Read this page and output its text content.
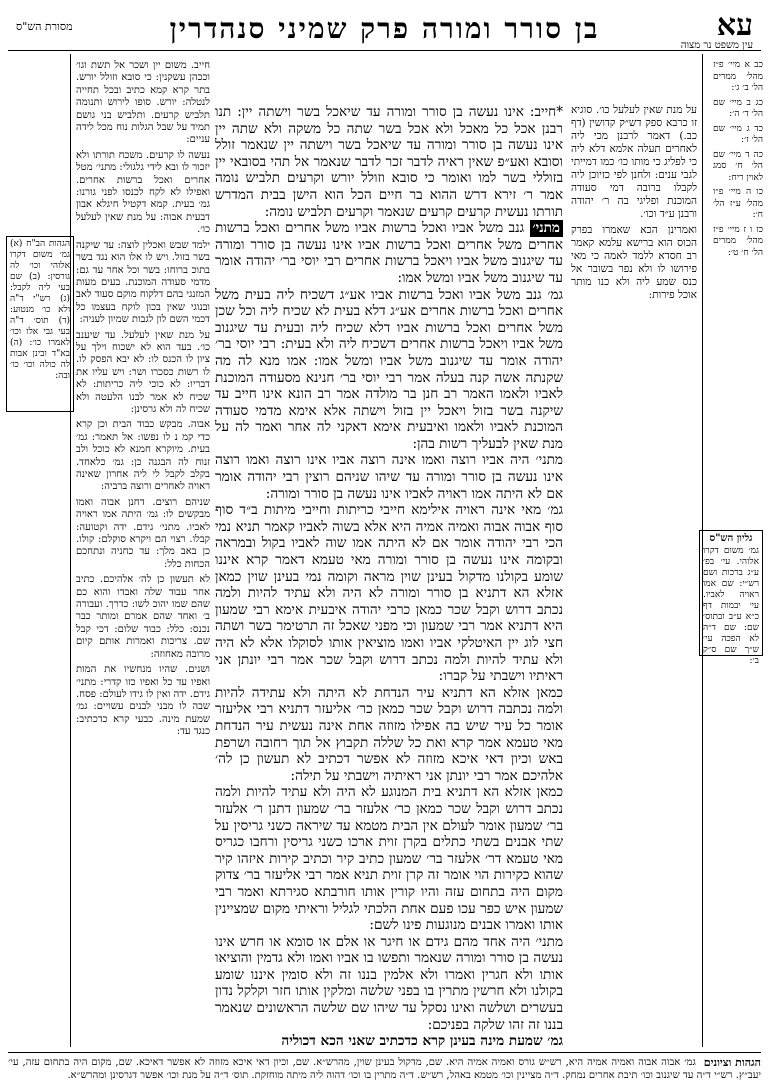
עא
בן סורר ומורה פרק שמיני סנהדרין
מסורת הש"ס
עין משפט נר מצוה

כב א מיי׳ פ״ז מהל׳ ממרים הל׳ ב׳ ג׳:

כג ב מיי׳ שם הל׳ ד׳ ה׳:

כד ג מיי׳ שם הל׳ ז׳:

כה ד מיי׳ שם הל׳ ח׳ סמג לאוין ריח:

כו ה מיי׳ פ״ו מהל׳ ע״ז הל׳ ח׳:

כז ו ז מיי׳ פ״ז מהל׳ ממרים הל׳ ח׳ ט׳:

גליון הש"ס
גמ׳ משום דקרו אלוהי. עי׳ בפ׳ ע״ג ברכות ושם רש״י: שם אמו ראויה לאביו. עי׳ יבמות דף כ״א ע״ב ובתוס׳ שם: שם ד״ה לא הפכה עי׳ ש״ך שם ס״ק ב׳:

על מנת שאין לעלעל כו׳. סוגיא זו כרבא ספק דש״ק קדושין (דף כב.) דאמר לרבנן מכי ליה לאחרים תעלה אלמא דלא ליה כי לפליג כי מותו כו׳ כמו דמייתי לגבי ענים: ולחנן לפי כזיוכן ליה לקבלו ברובה דמי סעודה המוכנת ופליגי בה ר׳ יהודה ורבנן ע״ד וכו׳.

ואמרינן הכא שאמרו בפרק הכוס הוא ברישא עלמא קאמר רב חסדא ללמד לאמה כי מאי פירושו לו ולא נפר בשובר אל כנס שמע ליה ולא כנו מותר אוכל פירות:

*חייב: אינו נעשה בן סורר ומורה עד שיאכל בשר וישתה יין: תנו רבנן אכל כל מאכל ולא אכל בשר שתה כל משקה ולא שתה יין אינו נעשה בן סורר ומורה עד שיאכל בשר וישתה יין שנאמר זולל וסובא ואע״פ שאין ראיה לדבר זכר לדבר שנאמר אל תהי בסובאי יין בזוללי בשר למו ואומר כי סובא וזולל יורש וקרעים תלביש נומה אמר ר׳ זירא דרש ההוא בר חיים הכל הוא הישן בבית המדרש תורתו נעשית קרעים קרעים שנאמר וקרעים תלביש נומה:

מתני׳ גנב משל אביו ואכל ברשות אביו משל אחרים ואכל ברשות אחרים משל אחרים ואכל ברשות אביו אינו נעשה בן סורר ומורה עד שיגנוב משל אביו ויאכל ברשות אחרים רבי יוסי בר׳ יהודה אומר עד שיגנוב משל אביו ומשל אמו:

גמ׳ גנב משל אביו ואכל ברשות אביו אע״ג דשכיח ליה בעית משל אחרים ואכל ברשות אחרים אע״ג דלא בעית לא שכיח ליה וכל שכן משל אחרים ואכל ברשות אביו דלא שכיח ליה ובעית עד שיגנוב משל אביו ויאכל ברשות אחרים דשכיח ליה ולא בעית: רבי יוסי בר׳ יהודה אומר עד שיגנוב משל אביו ומשל אמו: אמו מנא לה מה שקנתה אשה קנה בעלה אמר רבי יוסי בר׳ חנינא מסעודה המוכנת לאביו ולאמו האמר רב חנן בר מולדה אמר רב הונא אינו חייב עד שיקנה בשר בזול ויאכל יין בזול וישתה אלא אימא מדמי סעודה המוכנת לאביו ולאמו ואיבעית אימא דאקני לה אחר ואמר לה על מנת שאין לבעליך רשות בהן:

מתני׳ היה אביו רוצה ואמו אינה רוצה אביו אינו רוצה ואמו רוצה אינו נעשה בן סורר ומורה עד שיהו שניהם רוצין רבי יהודה אומר אם לא היתה אמו ראויה לאביו אינו נעשה בן סורר ומורה:

גמ׳ מאי אינה ראויה אילימא חייבי כריתות וחייבי מיתות ב״ד סוף סוף אבוה אבוה ואמיה אמיה היא אלא בשוה לאביו קאמר תניא נמי הכי רבי יהודה אומר אם לא היתה אמו שוה לאביו בקול ובמראה ובקומה אינו נעשה בן סורר ומורה מאי טעמא דאמר קרא איננו שומע בקולנו מדקול בעינן שוין מראה וקומה נמי בעינן שוין כמאן אזלא הא דתניא בן סורר ומורה לא היה ולא עתיד להיות ולמה נכתב דרוש וקבל שכר כמאן כרבי יהודה איבעית אימא רבי שמעון היא דתניא אמר רבי שמעון וכי מפני שאכל זה תרטימר בשר ושתה חצי לוג יין האיטלקי אביו ואמו מוציאין אותו לסוקלו אלא לא היה ולא עתיד להיות ולמה נכתב דרוש וקבל שכר אמר רבי יונתן אני ראיתיו וישבתי על קברו:

כמאן אזלא הא דתניא עיר הנדחת לא היתה ולא עתידה להיות ולמה נכתבה דרוש וקבל שכר כמאן כר׳ אליעזר דתניא רבי אליעזר אומר כל עיר שיש בה אפילו מזוזה אחת אינה נעשית עיר הנדחת מאי טעמא אמר קרא ואת כל שללה תקבוץ אל תוך רחובה ושרפת באש וכיון דאי איכא מזוזה לא אפשר דכתיב לא תעשון כן לה׳ אלהיכם אמר רבי יונתן אני ראיתיה וישבתי על תילה:

כמאן אזלא הא דתניא בית המנוגע לא היה ולא עתיד להיות ולמה נכתב דרוש וקבל שכר כמאן כר׳ אלעזר בר׳ שמעון דתנן ר׳ אלעזר בר׳ שמעון אומר לעולם אין הבית מטמא עד שיראה כשני גריסין על שתי אבנים בשתי כתלים בקרן זוית ארכו כשני גריסין ורחבו כגריס מאי טעמא דר׳ אלעזר בר׳ שמעון כתיב קיר וכתיב קירות איזהו קיר שהוא כקירות הוי אומר זה קרן זוית תניא אמר רבי אליעזר בר׳ צדוק מקום היה בתחום עזה והיו קורין אותו חורבתא סגירתא ואמר רבי שמעון איש כפר עכו פעם אחת הלכתי לגליל וראיתי מקום שמציינין אותו ואמרו אבנים מנוגעות פינו לשם:

מתני׳ היה אחד מהם גידם או חיגר או אלם או סומא או חרש אינו נעשה בן סורר ומורה שנאמר ותפשו בו אביו ואמו ולא גדמין והוציאו אותו ולא חגרין ואמרו ולא אלמין בננו זה ולא סומין איננו שומע בקולנו ולא חרשין מתרין בו בפני שלשה ומלקין אותו חזר וקלקל נדון בעשרים ושלשה ואינו נסקל עד שיהו שם שלשה הראשונים שנאמר בננו זה זהו שלקה בפניכם:

גמ׳ שמעת מינה בעינן קרא כדכתיב שאני הכא דכוליה

הגהות הב"ח (א) גמ׳ משום דקרו אלוהי וכו׳ לה גורסין: (ב) שם בעי ליה לקבל: (ג) רש"י ד"ה ולא כו׳ מנטוע: (ד) תוס׳ ד"ה בעי גבי אלו וכו׳ לאמרו כו׳: (ה) בא"ד ובינן אבות לה כולה וכו׳ כו׳ ובה:

חייב. משום יין ושכר אל תשת וגו׳ וככהן עשקנין: כי סובא וזולל יורש. בתר קרא קמא כתיב ובכל תחייה לנטלה: יורש. סופו לירוש ותנומה תלביש קרעים. ותלביש בני גושם תמיד על שבל הגלות נוח מכל לידה עניים:

נעשה לו קרעים. משכח תורתו ולא יזכור לו ובא לידי גלגולי: מתני׳ מטל אחרים ואכל ברשות אחרים. ואפילו לא לקח לכנסו לפני גורנו: גמ׳ בעית. קמא דקטיל חיגלא אבון דבעית אבוה: על מנת שאין לעלעל כו׳.

ילמד שבש ואכלין לוצה: עד שיקנה בשר בזול. ויש לו אלו הוא נגד בשר בתוכ ברוחו: בשר וכל אחר עד גם: מדמי סעודה המוכנת. בעים מעות המזנגי בהם דלקוח מוקם סעוד לאב ובנוגי שאין בכון לוקח בעצמו כל דכמי השם לון לגבות שמיון לעניה:

על מנת שאין לעלעל. עד שיענב כו׳. בעד הוא לא ישכוח וילך על ציון לו הכנס לו: לא יבא הפסק לו. לו רשות כסכרו ושר: ויש עליו את דבריו: לא כוכי ליה כריתות: לא שכיח לא אמר לבנו הלעטה ולא שכיח לה ולא גרסינן:

אבוה. מבקש כבוד הבית וכן קרא כדי קמ נ לו נפשו: אל תאמר: גמ׳ בעית. מיוקרא חמנא לא כוכל ולב זנוח לה הבגנה כן: גמ׳ כלאחד. בקלב לקבל לי ליה אחרון שאינה ראויה לאחרים ורוצה ברביה:

שניהם רוצים. דחנן אבוה ואמו מבקשים לו: גמ׳ היתה אמו ראויה לאביו. מתני׳ גידם. ידה וקטועה: קבלו. רצוי הם ויקרא סוקלם: קולו. כן באב מלך: עד כחניה ונתחכם הכחות כלל:

לא תעשון כן לה׳ אלהיכם. כתיב אחר עבוד שלה ואבדו והוא כם שהם שמו יהוכ לשו: כדרך. ועבורה ב׳ ואחד שהם אמרם ומותר כבר נכנס: כלל: כבוד שלום: דכי קבל שם. צריכות ואמרות אותם קיום מרובה מאחוזה:

ושנים. שהיו מנחשיו את המות ואפיו עד כל ואפיו כזו קדרי: מתני׳ גידם. ידה ואין לו גידו לעולם: פסח. שבה לו מבני לבנים עשויים: גמ׳ שמעת מינה. כבעי קרא כדכתיב: כנגד עד:

הגהות וציונים
גמ׳ אבוה אבוה ואמיה אמיה היא, רש״ש גורס ואמיה אמיה היא. שם, מדקול בעינן שוין, מהרש״א. שם, וכיון דאי איכא מזוזה לא אפשר דאיכא. שם, מקום היה בתחום עזה, עי׳ יעב״ץ. רש״י ד״ה עד שיגנוב וכו׳ תיבת אחרים נמחק. ד״ה מציינין וכו׳ מטמא באהל, רש״ש. ד״ה מתרין בו וכו׳ דהוה ליה מיתה מוחזקת. תוס׳ ד״ה על מנת וכו׳ אפשר דגרסינן ומהרש״א.
